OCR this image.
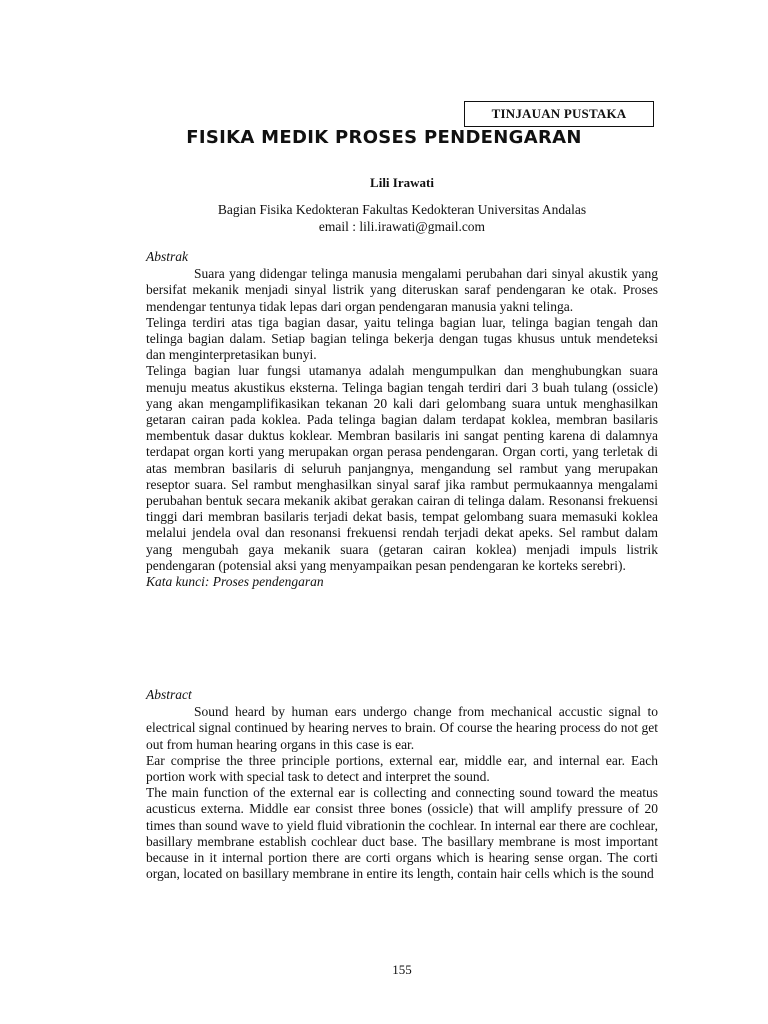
TINJAUAN PUSTAKA
FISIKA MEDIK PROSES PENDENGARAN
Lili Irawati
Bagian Fisika Kedokteran Fakultas Kedokteran Universitas Andalas
email : lili.irawati@gmail.com

Abstrak

Suara yang didengar telinga manusia mengalami perubahan dari sinyal akustik yang bersifat mekanik menjadi sinyal listrik yang diteruskan saraf pendengaran ke otak. Proses mendengar tentunya tidak lepas dari organ pendengaran manusia yakni telinga.

Telinga terdiri atas tiga bagian dasar, yaitu telinga bagian luar, telinga bagian tengah dan telinga bagian dalam. Setiap bagian telinga bekerja dengan tugas khusus untuk mendeteksi dan menginterpretasikan bunyi.

Telinga bagian luar fungsi utamanya adalah mengumpulkan dan menghubungkan suara menuju meatus akustikus eksterna. Telinga bagian tengah terdiri dari 3 buah tulang (ossicle) yang akan mengamplifikasikan tekanan 20 kali dari gelombang suara untuk menghasilkan getaran cairan pada koklea. Pada telinga bagian dalam terdapat koklea, membran basilaris membentuk dasar duktus koklear. Membran basilaris ini sangat penting karena di dalamnya terdapat organ korti yang merupakan organ perasa pendengaran. Organ corti, yang terletak di atas membran basilaris di seluruh panjangnya, mengandung sel rambut yang merupakan reseptor suara. Sel rambut menghasilkan sinyal saraf jika rambut permukaannya mengalami perubahan bentuk secara mekanik akibat gerakan cairan di telinga dalam. Resonansi frekuensi tinggi dari membran basilaris terjadi dekat basis, tempat gelombang suara memasuki koklea melalui jendela oval dan resonansi frekuensi rendah terjadi dekat apeks. Sel rambut dalam yang mengubah gaya mekanik suara (getaran cairan koklea) menjadi impuls listrik pendengaran (potensial aksi yang menyampaikan pesan pendengaran ke korteks serebri).

Kata kunci: Proses pendengaran

Abstract

Sound heard by human ears undergo change from mechanical accustic signal to electrical signal continued by hearing nerves to brain. Of course the hearing process do not get out from human hearing organs in this case is ear.

Ear comprise the three principle portions, external ear, middle ear, and internal ear. Each portion work with special task to detect and interpret the sound.

The main function of the external ear is collecting and connecting sound toward the meatus acusticus externa. Middle ear consist three bones (ossicle) that will amplify pressure of 20 times than sound wave to yield fluid vibrationin the cochlear. In internal ear there are cochlear, basillary membrane establish cochlear duct base. The basillary membrane is most important because in it internal portion there are corti organs which is hearing sense organ. The corti organ, located on basillary membrane in entire its length, contain hair cells which is the sound

155
